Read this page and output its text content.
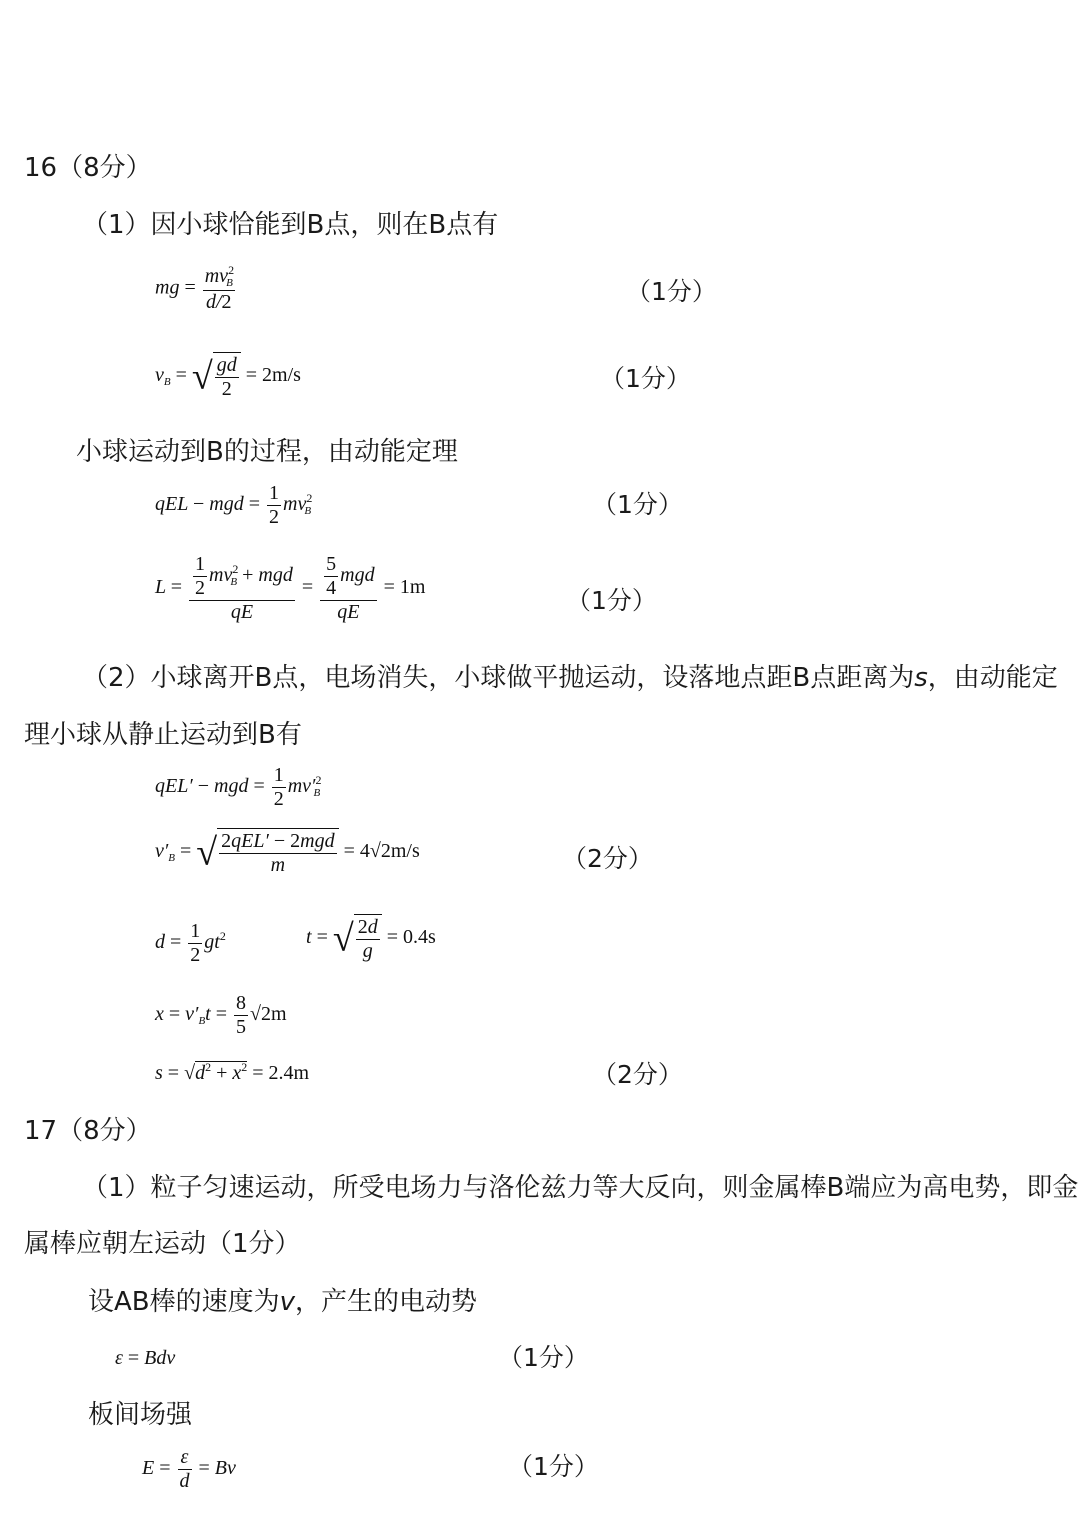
16（8分）
（1）因小球恰能到B点，则在B点有
mg = $\frac{mv^2_B}{d/2}$	（1分）
$v_B$ = √ $\frac{gd}{2} = 2m/s$	（1分）
小球运动到B的过程，由动能定理
qEL − mgd = $\frac{1}{2} mv^2_B$	（1分）
$L = \frac{\frac{1}{2} mv^2_B + mgd}{qE} = \frac{\frac{5}{4} mgd}{qE} = 1m$	（1分）
（2）小球离开B点，电场消失，小球做平抛运动，设落地点距B点距离为s，由动能定
理小球从静止运动到B有
qEL′ − mgd = $\frac{1}{2} mv'^2_B$
$v'_B$ = √ $\frac{\text{2qEL′ − 2mgd}}{m} = 4√2m/s$	（2分）
$d = \frac{1}{2} gt^2$	t = √ $\frac{2d}{g} = 0.4s$
$x = v'_Bt = \frac{8}{5} √2m$
$s = √d^2 + x^2 = 2.4m$	（2分）
17（8分）
（1）粒子匀速运动，所受电场力与洛伦兹力等大反向，则金属棒B端应为高电势，即金
属棒应朝左运动（1分）
设AB棒的速度为v，产生的电动势
ε = Bdv	（1分）
板间场强
$E = \frac{\varepsilon}{d} = Bv$	（1分）
